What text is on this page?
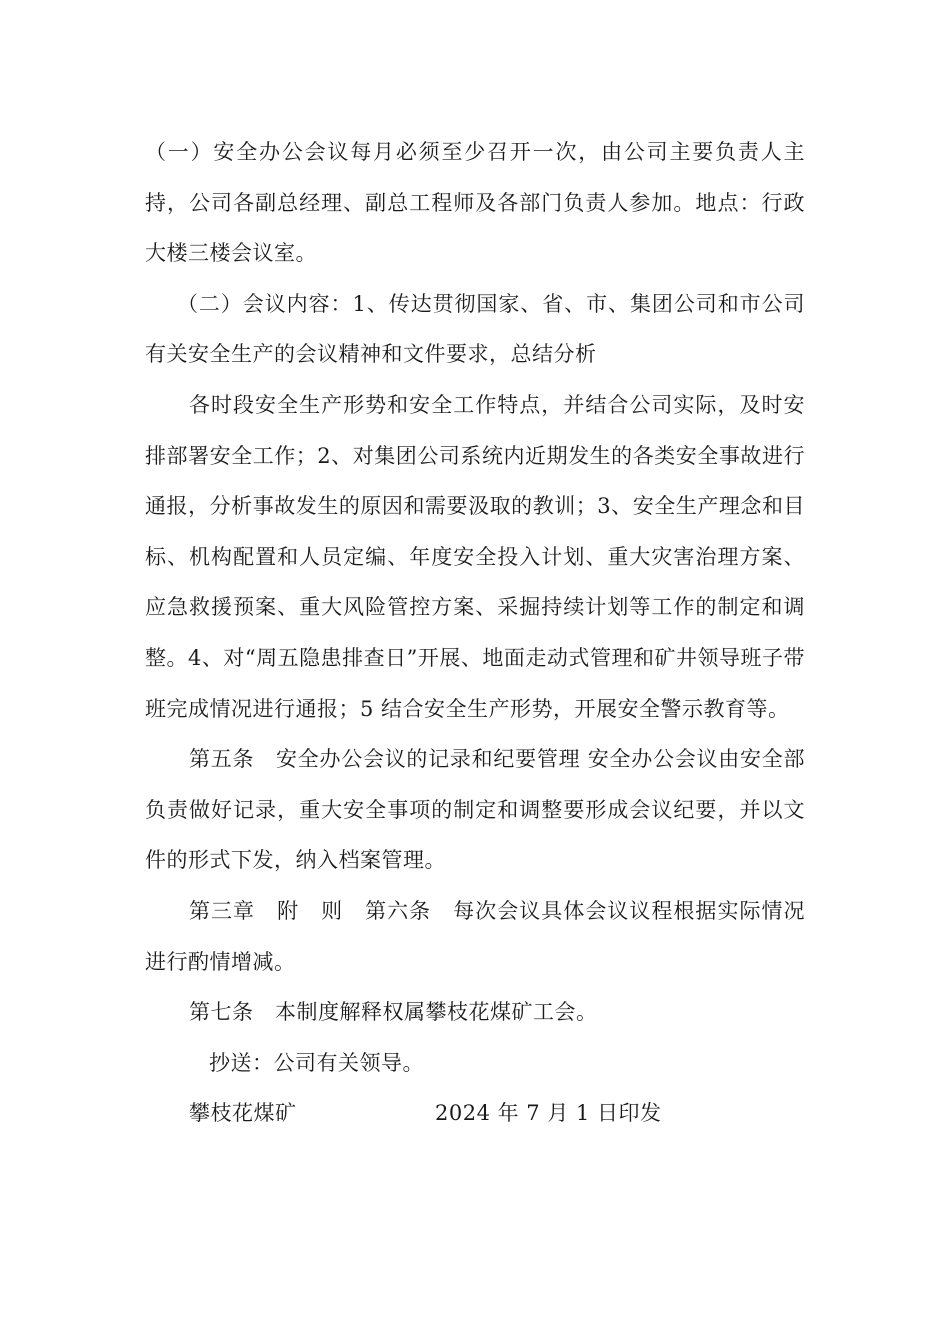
（一）安全办公会议每月必须至少召开一次，由公司主要负责人主持，公司各副总经理、副总工程师及各部门负责人参加。地点：行政大楼三楼会议室。

（二）会议内容：1、传达贯彻国家、省、市、集团公司和市公司有关安全生产的会议精神和文件要求，总结分析

各时段安全生产形势和安全工作特点，并结合公司实际，及时安排部署安全工作；2、对集团公司系统内近期发生的各类安全事故进行通报，分析事故发生的原因和需要汲取的教训；3、安全生产理念和目标、机构配置和人员定编、年度安全投入计划、重大灾害治理方案、应急救援预案、重大风险管控方案、采掘持续计划等工作的制定和调整。4、对“周五隐患排查日”开展、地面走动式管理和矿井领导班子带班完成情况进行通报；5 结合安全生产形势，开展安全警示教育等。

第五条　安全办公会议的记录和纪要管理 安全办公会议由安全部负责做好记录，重大安全事项的制定和调整要形成会议纪要，并以文件的形式下发，纳入档案管理。

第三章　附　则　第六条　每次会议具体会议议程根据实际情况进行酌情增减。

第七条　本制度解释权属攀枝花煤矿工会。

抄送：公司有关领导。

攀枝花煤矿	2024 年 7 月 1 日印发
